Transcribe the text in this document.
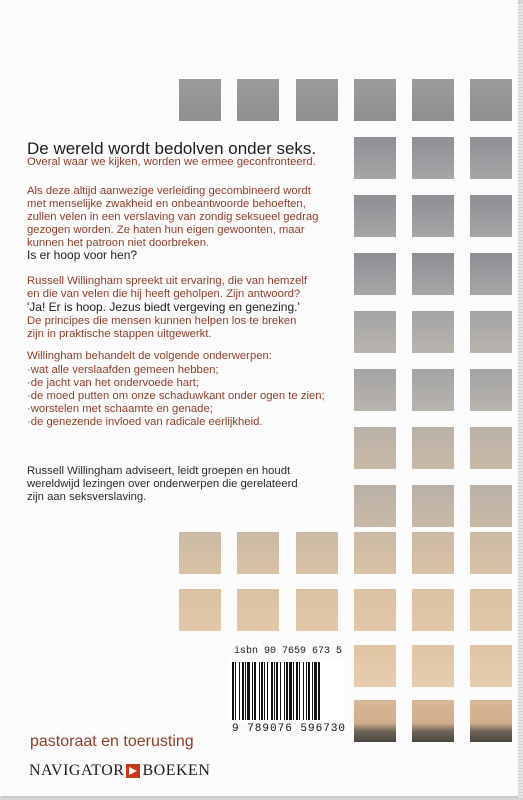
De wereld wordt bedolven onder seks.
Overal waar we kijken, worden we ermee geconfronteerd.
Als deze altijd aanwezige verleiding gecombineerd wordt
met menselijke zwakheid en onbeantwoorde behoeften,
zullen velen in een verslaving van zondig seksueel gedrag
gezogen worden. Ze haten hun eigen gewoonten, maar
kunnen het patroon niet doorbreken.
Is er hoop voor hen?
Russell Willingham spreekt uit ervaring, die van hemzelf
en die van velen die hij heeft geholpen. Zijn antwoord?
'Ja! Er is hoop. Jezus biedt vergeving en genezing.'
De principes die mensen kunnen helpen los te breken
zijn in praktische stappen uitgewerkt.
Willingham behandelt de volgende onderwerpen:
·wat alle verslaafden gemeen hebben;
·de jacht van het ondervoede hart;
·de moed putten om onze schaduwkant onder ogen te zien;
·worstelen met schaamte en genade;
·de genezende invloed van radicale eerlijkheid.
Russell Willingham adviseert, leidt groepen en houdt
wereldwijd lezingen over onderwerpen die gerelateerd
zijn aan seksverslaving.
isbn 90 7659 673 5
9 789076 596730
pastoraat en toerusting
NAVIGATOR BOEKEN
